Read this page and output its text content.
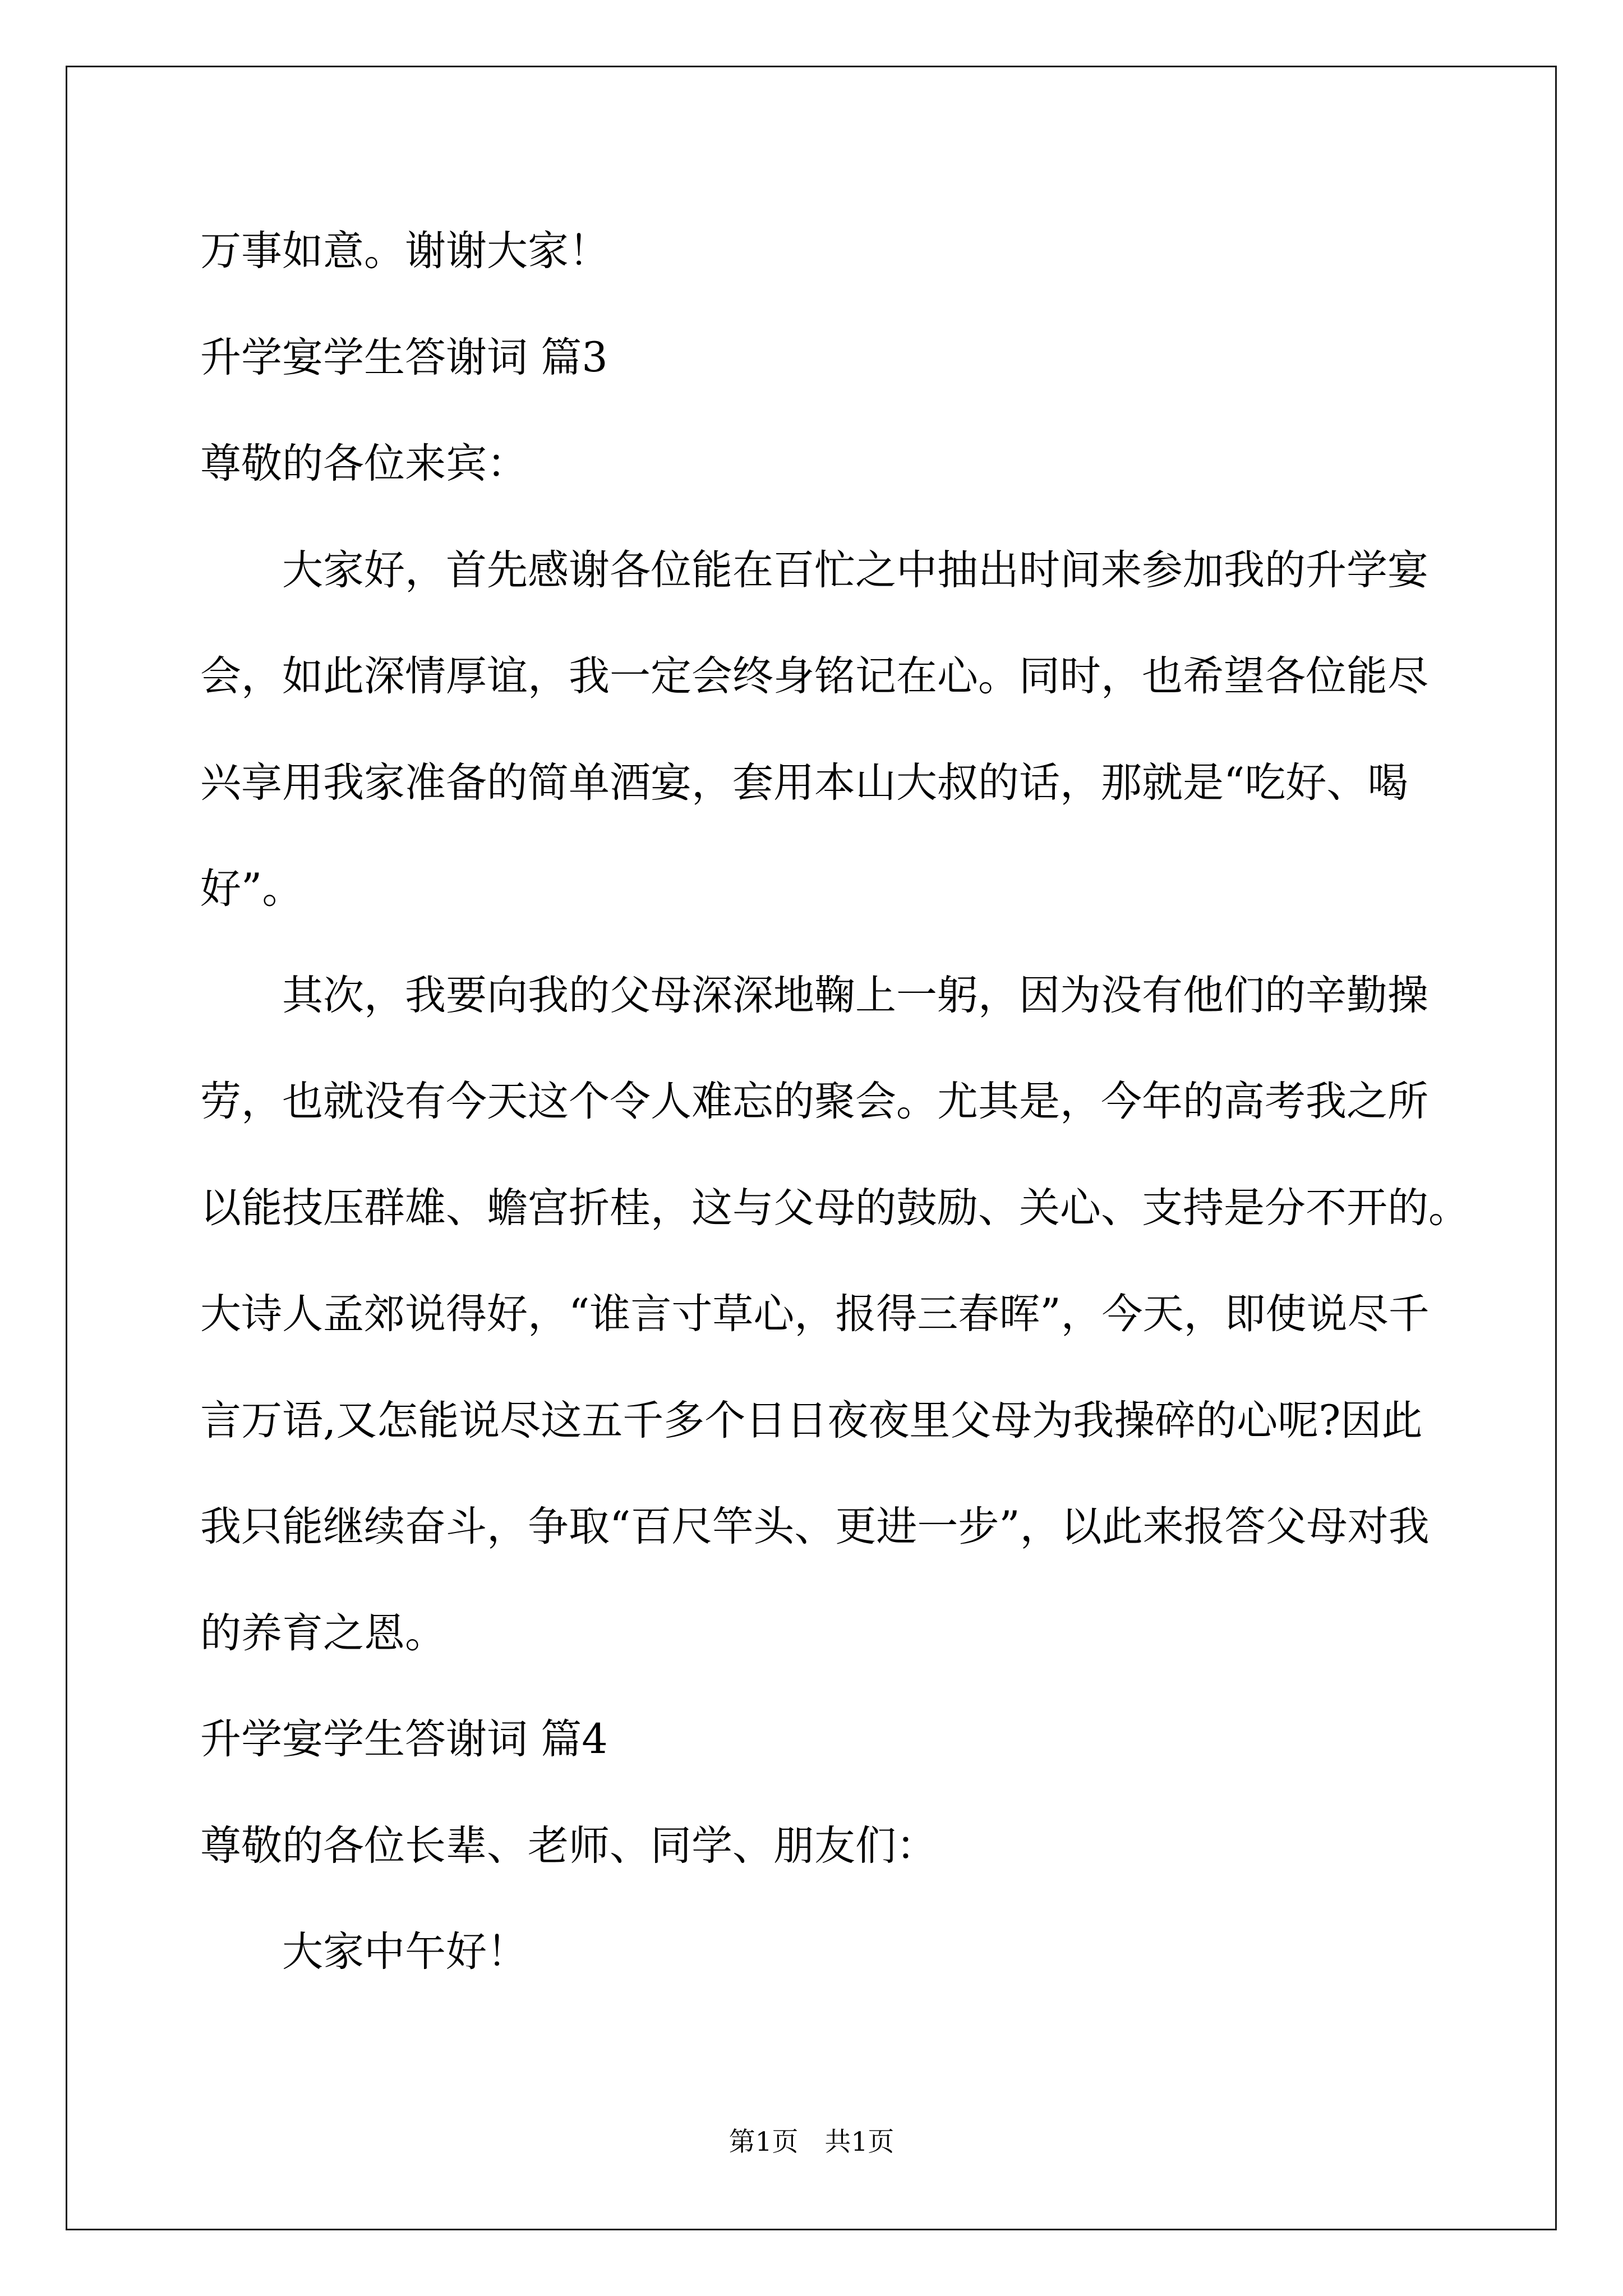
万事如意。谢谢大家！
升学宴学生答谢词 篇3
尊敬的各位来宾：
大家好，首先感谢各位能在百忙之中抽出时间来参加我的升学宴
会，如此深情厚谊，我一定会终身铭记在心。同时，也希望各位能尽
兴享用我家准备的简单酒宴，套用本山大叔的话，那就是“吃好、喝
好”。
其次，我要向我的父母深深地鞠上一躬，因为没有他们的辛勤操
劳，也就没有今天这个令人难忘的聚会。尤其是，今年的高考我之所
以能技压群雄、蟾宫折桂，这与父母的鼓励、关心、支持是分不开的。
大诗人孟郊说得好，“谁言寸草心，报得三春晖”，今天，即使说尽千
言万语,又怎能说尽这五千多个日日夜夜里父母为我操碎的心呢?因此
我只能继续奋斗，争取“百尺竿头、更进一步”，以此来报答父母对我
的养育之恩。
升学宴学生答谢词 篇4
尊敬的各位长辈、老师、同学、朋友们：
大家中午好！
第1页　共1页
